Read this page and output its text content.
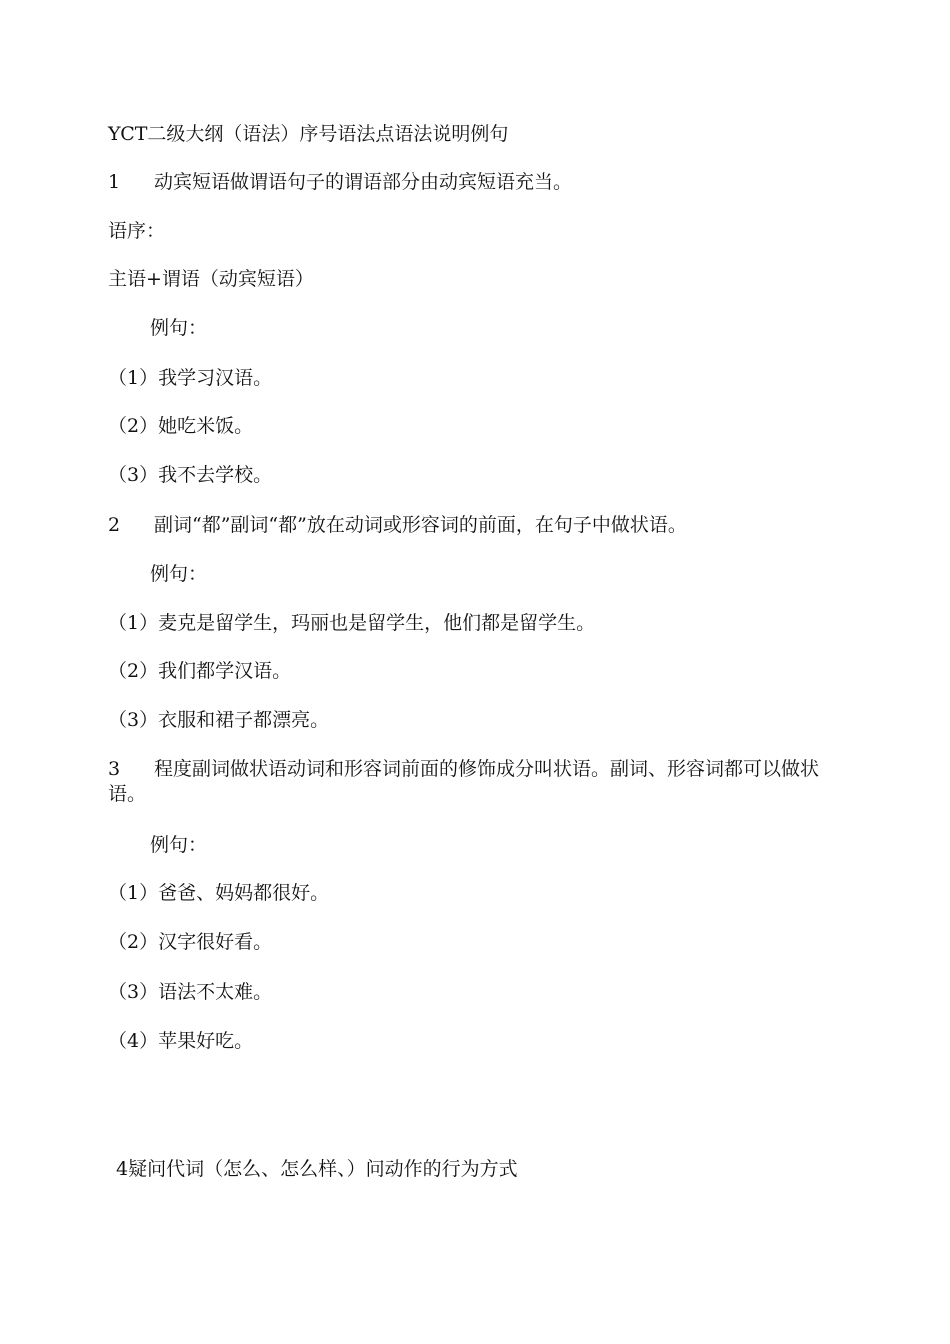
YCT二级大纲（语法）序号语法点语法说明例句
1 动宾短语做谓语句子的谓语部分由动宾短语充当。
语序：
主语+谓语（动宾短语）
例句：
（1）我学习汉语。
（2）她吃米饭。
（3）我不去学校。
2 副词“都”副词“都”放在动词或形容词的前面，在句子中做状语。
例句：
（1）麦克是留学生，玛丽也是留学生，他们都是留学生。
（2）我们都学汉语。
（3）衣服和裙子都漂亮。
3 程度副词做状语动词和形容词前面的修饰成分叫状语。副词、形容词都可以做状语。
例句：
（1）爸爸、妈妈都很好。
（2）汉字很好看。
（3）语法不太难。
（4）苹果好吃。
4疑问代词（怎么、怎么样、）问动作的行为方式
